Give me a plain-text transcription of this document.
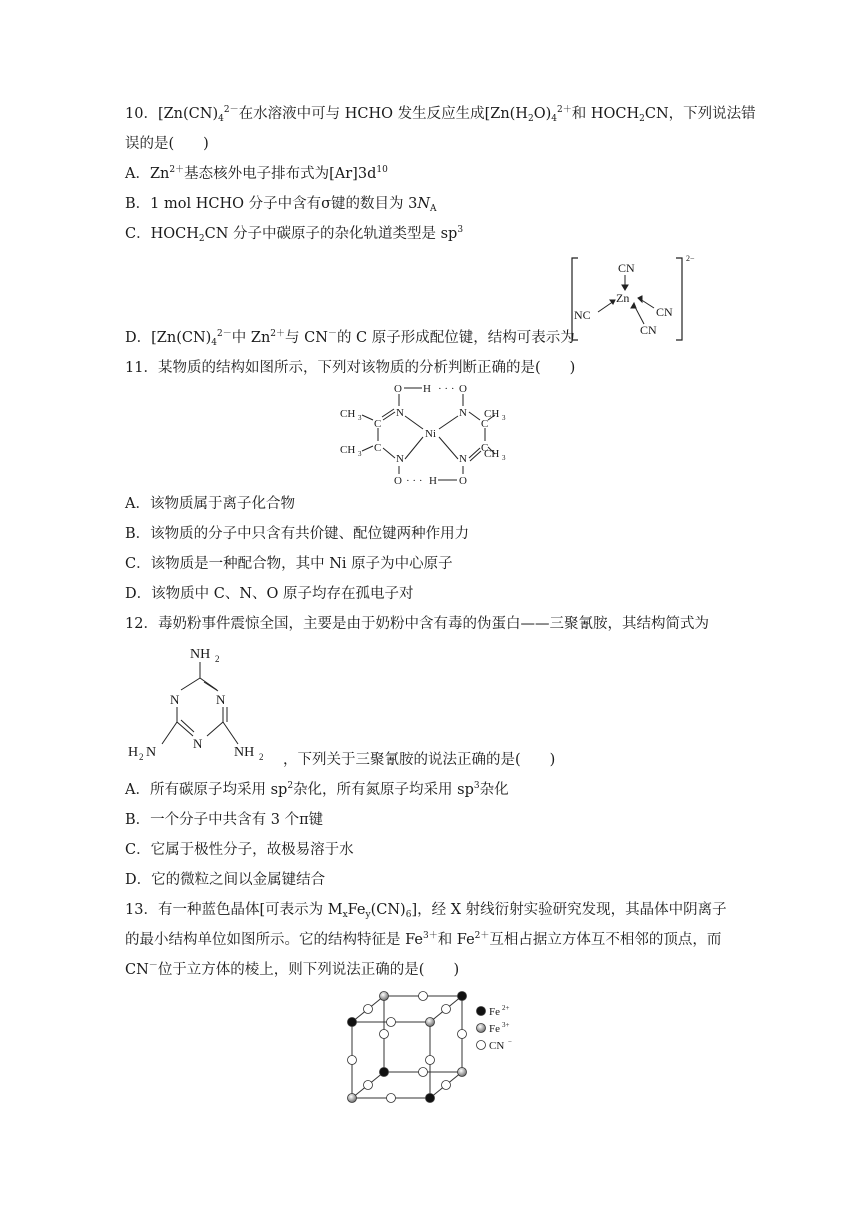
10．[$Zn(CN)_4^{2-}$在水溶液中可与 HCHO 发生反应生成[$Zn(H_2O)_4^{2+}$和 $HOCH_2CN$，下列说法错
误的是(　　)
A．$Zn^{2+}$基态核外电子排布式为$[Ar]3d^{10}$
B．1 mol HCHO 分子中含有σ键的数目为 $3N_A$
C．$HOCH_2CN$ 分子中碳原子的杂化轨道类型是 $sp^3$
D．[$Zn(CN)_4^{2-}$中 $Zn^{2+}$与 CN－的 C 原子形成配位键，结构可表示为
2−
CN
Zn
NC	CN
CN
11．某物质的结构如图所示，下列对该物质的分析判断正确的是(　　)
O H · · · O
N	N
CH 3	CH 3
C	C
Ni
C	C
CH 3	CH 3
N	N
O · · · H O
A．该物质属于离子化合物
B．该物质的分子中只含有共价键、配位键两种作用力
C．该物质是一种配合物，其中 Ni 原子为中心原子
D．该物质中 C、N、O 原子均存在孤电子对
12．毒奶粉事件震惊全国，主要是由于奶粉中含有毒的伪蛋白——三聚氰胺，其结构简式为
NH 2
N	N
N
H 2 N	NH 2 ，下列关于三聚氰胺的说法正确的是(　　)
A．所有碳原子均采用 $sp^2$杂化，所有氮原子均采用 $sp^3$杂化
B．一个分子中共含有 3 个π键
C．它属于极性分子，故极易溶于水
D．它的微粒之间以金属键结合
13．有一种蓝色晶体[可表示为 $M_xFe_y(CN)_6$]，经 X 射线衍射实验研究发现，其晶体中阴离子
的最小结构单位如图所示。它的结构特征是 $Fe^{3+}$和 $Fe^{2+}$互相占据立方体互不相邻的顶点，而
CN－位于立方体的棱上，则下列说法正确的是(　　)
Fe 2+
Fe 3+
CN −
